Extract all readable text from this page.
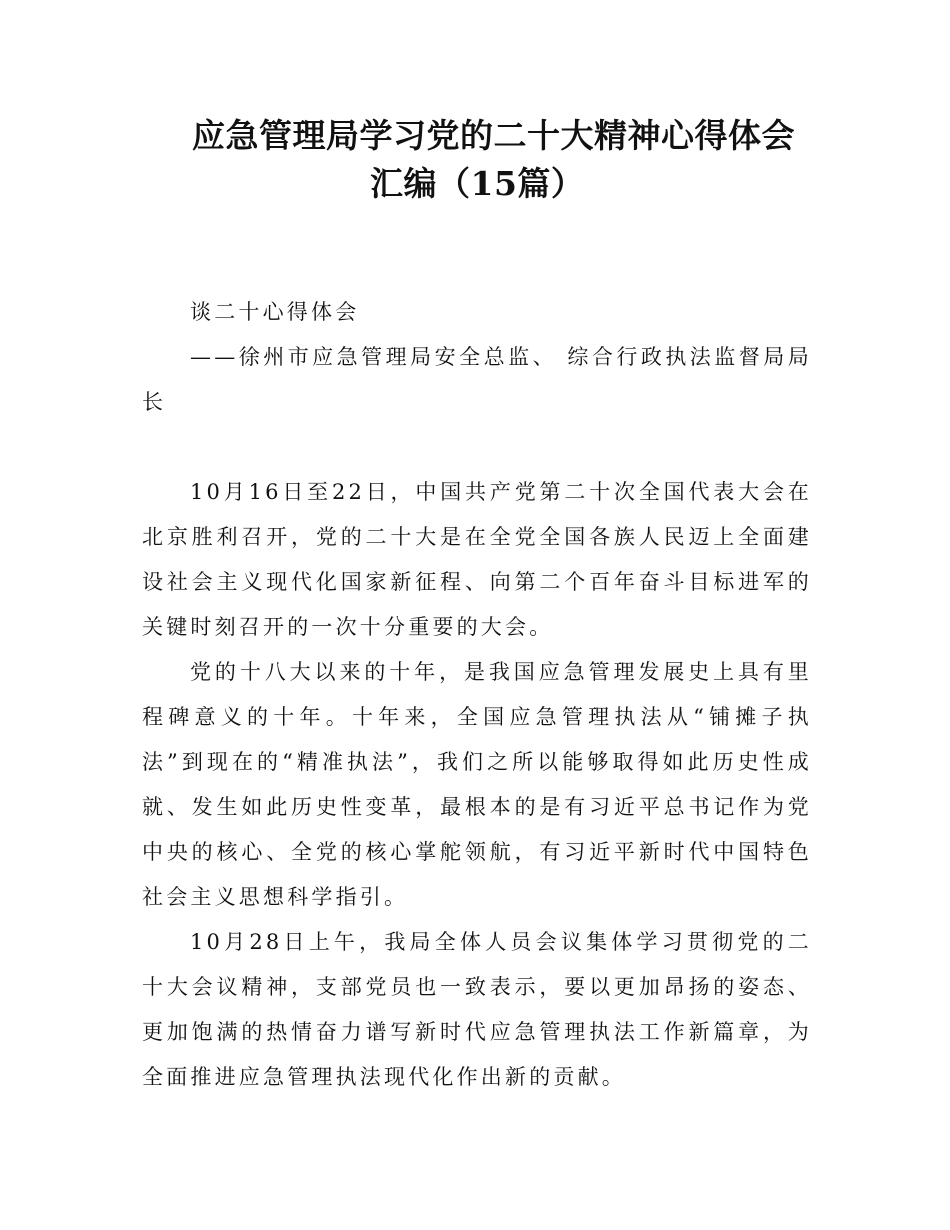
应急管理局学习党的二十大精神心得体会
汇编（15篇）

谈二十心得体会

——徐州市应急管理局安全总监、 综合行政执法监督局局长

10月16日至22日，中国共产党第二十次全国代表大会在北京胜利召开，党的二十大是在全党全国各族人民迈上全面建设社会主义现代化国家新征程、向第二个百年奋斗目标进军的关键时刻召开的一次十分重要的大会。

党的十八大以来的十年，是我国应急管理发展史上具有里程碑意义的十年。十年来，全国应急管理执法从“铺摊子执法”到现在的“精准执法”，我们之所以能够取得如此历史性成就、发生如此历史性变革，最根本的是有习近平总书记作为党中央的核心、全党的核心掌舵领航，有习近平新时代中国特色社会主义思想科学指引。

10月28日上午，我局全体人员会议集体学习贯彻党的二十大会议精神，支部党员也一致表示，要以更加昂扬的姿态、更加饱满的热情奋力谱写新时代应急管理执法工作新篇章，为全面推进应急管理执法现代化作出新的贡献。
